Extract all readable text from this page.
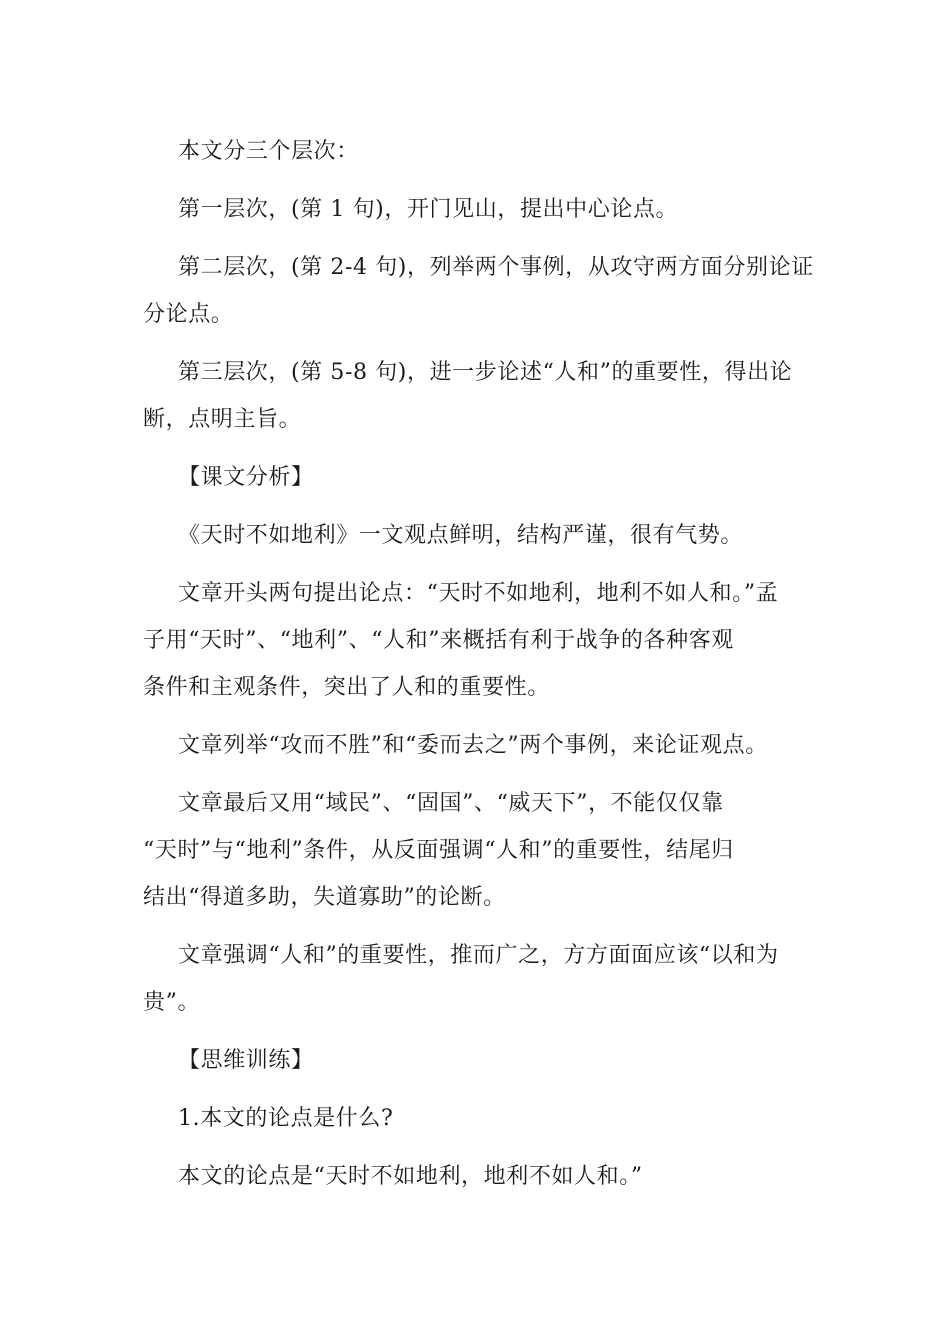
本文分三个层次：

第一层次，(第 1 句)，开门见山，提出中心论点。

第二层次，(第 2-4 句)，列举两个事例，从攻守两方面分别论证
分论点。

第三层次，(第 5-8 句)，进一步论述“人和”的重要性，得出论
断，点明主旨。

【课文分析】

《天时不如地利》一文观点鲜明，结构严谨，很有气势。

文章开头两句提出论点：“天时不如地利，地利不如人和。”孟
子用“天时”、“地利”、“人和”来概括有利于战争的各种客观
条件和主观条件，突出了人和的重要性。

文章列举“攻而不胜”和“委而去之”两个事例，来论证观点。

文章最后又用“域民”、“固国”、“威天下”，不能仅仅靠
“天时”与“地利”条件，从反面强调“人和”的重要性，结尾归
结出“得道多助，失道寡助”的论断。

文章强调“人和”的重要性，推而广之，方方面面应该“以和为
贵”。

【思维训练】

1.本文的论点是什么?

本文的论点是“天时不如地利，地利不如人和。”
